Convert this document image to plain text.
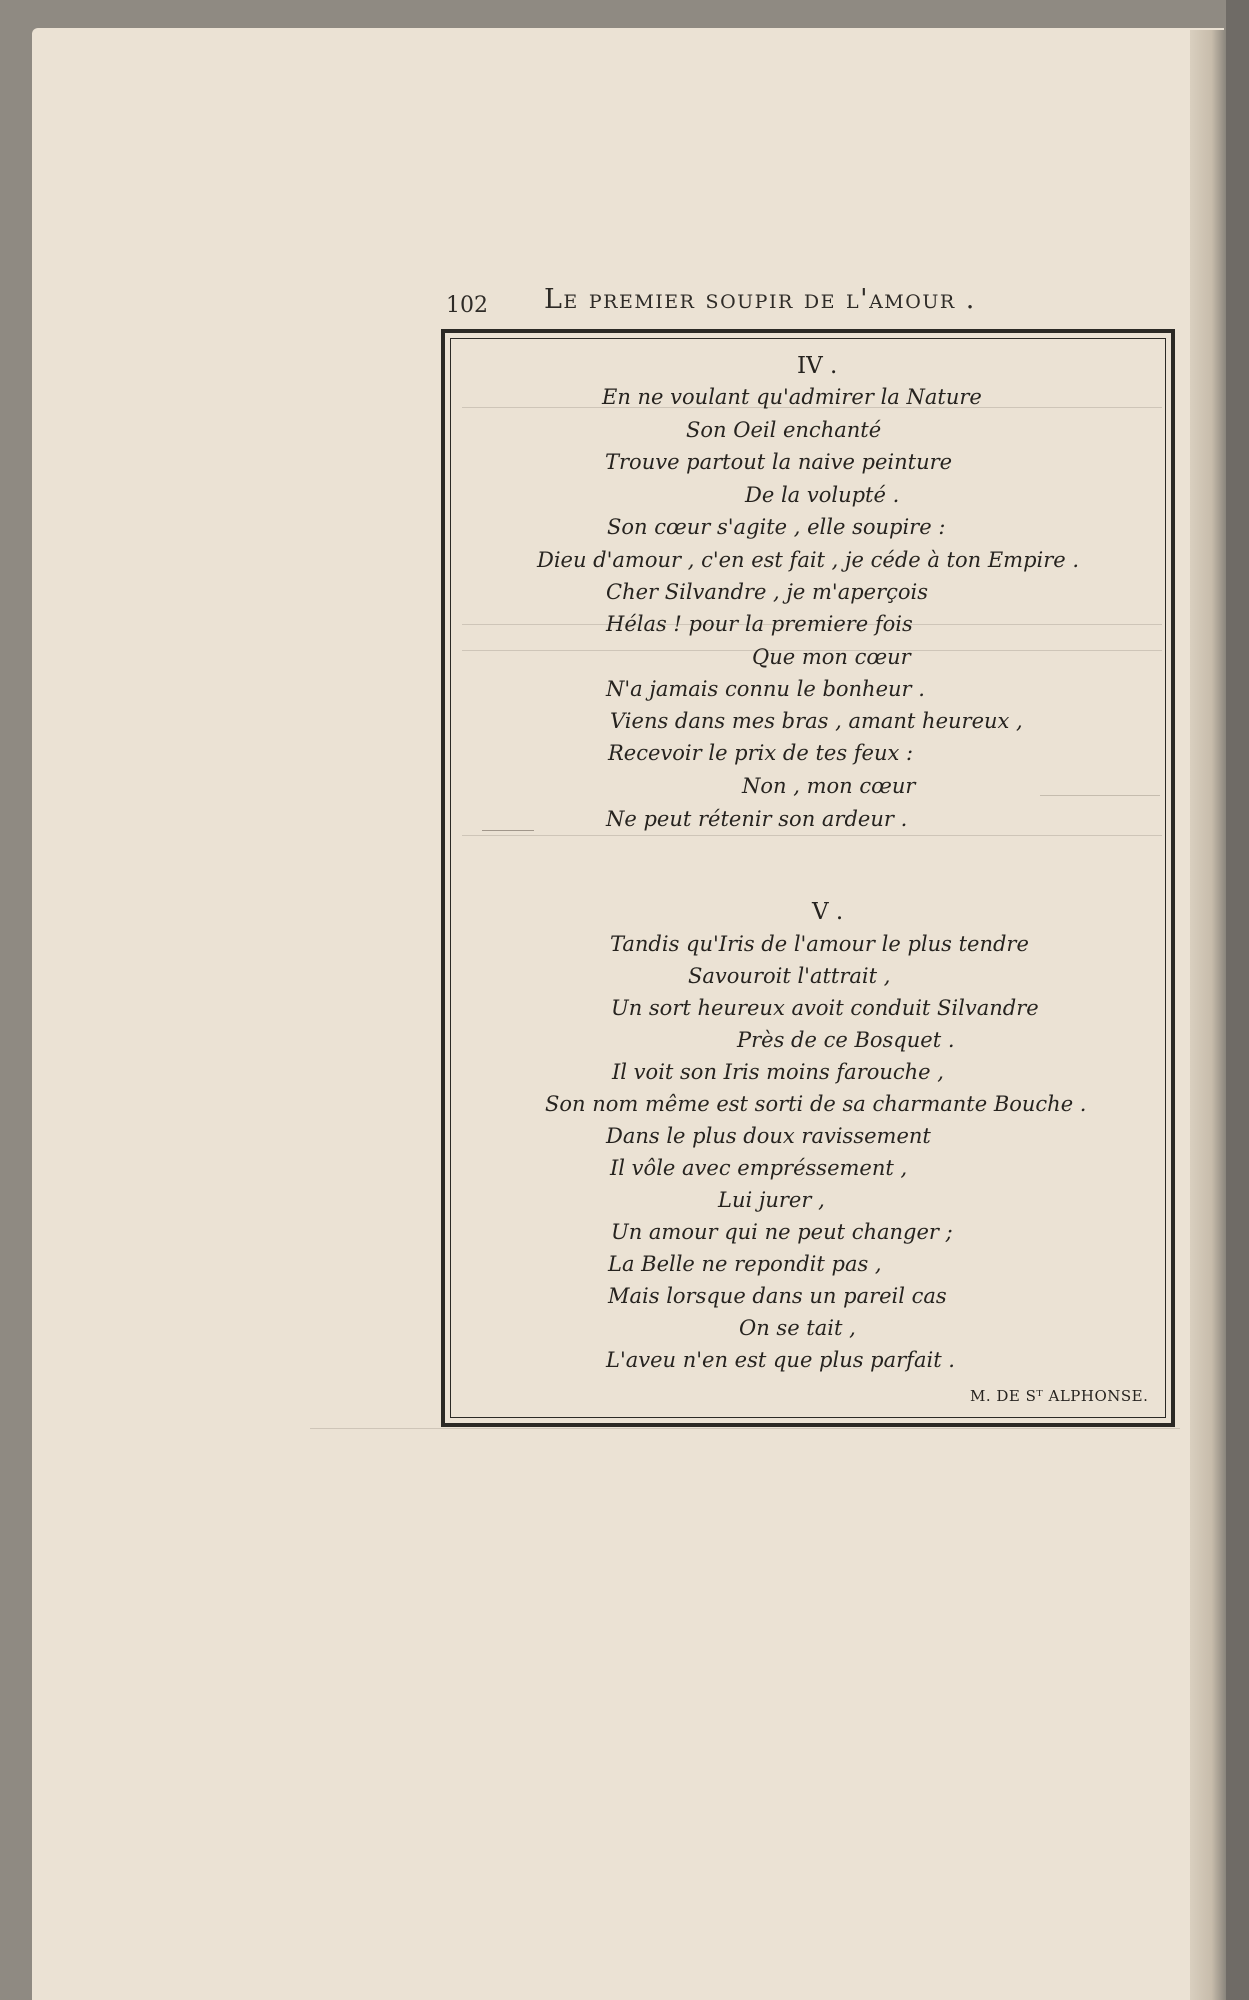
102 Le premier soupir de l'amour .
IV .
En ne voulant qu'admirer la Nature
Son Oeil enchanté
Trouve partout la naive peinture
De la volupté .
Son cœur s'agite , elle soupire :
Dieu d'amour , c'en est fait , je céde à ton Empire .
Cher Silvandre , je m'aperçois
Hélas ! pour la premiere fois
Que mon cœur
N'a jamais connu le bonheur .
Viens dans mes bras , amant heureux ,
Recevoir le prix de tes feux :
Non , mon cœur
Ne peut rétenir son ardeur .
V .
Tandis qu'Iris de l'amour le plus tendre
Savouroit l'attrait ,
Un sort heureux avoit conduit Silvandre
Près de ce Bosquet .
Il voit son Iris moins farouche ,
Son nom même est sorti de sa charmante Bouche .
Dans le plus doux ravissement
Il vôle avec empréssement ,
Lui jurer ,
Un amour qui ne peut changer ;
La Belle ne repondit pas ,
Mais lorsque dans un pareil cas
On se tait ,
L'aveu n'en est que plus parfait .
M. DE Sᵀ ALPHONSE.
